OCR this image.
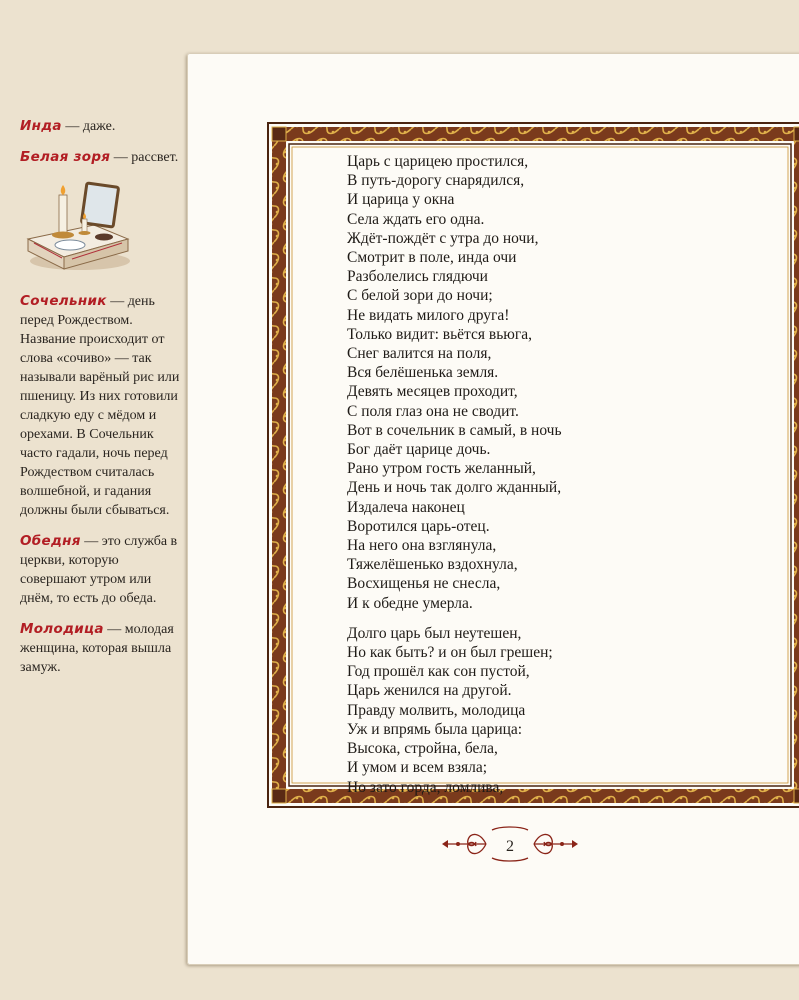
Инда — даже.
Белая зоря — рассвет.
Сочельник — день перед Рождеством. Название происходит от слова «сочиво» — так называли варёный рис или пшеницу. Из них готовили сладкую еду с мёдом и орехами. В Сочельник часто гадали, ночь перед Рождеством считалась волшебной, и гадания должны были сбываться.
Обедня — это служба в церкви, которую совершают утром или днём, то есть до обеда.
Молодица — молодая женщина, которая вышла замуж.
Царь с царицею простился,
В путь-дорогу снарядился,
И царица у окна
Села ждать его одна.
Ждёт-пождёт с утра до ночи,
Смотрит в поле, инда очи
Разболелись глядючи
С белой зори до ночи;
Не видать милого друга!
Только видит: вьётся вьюга,
Снег валится на поля,
Вся белёшенька земля.
Девять месяцев проходит,
С поля глаз она не сводит.
Вот в сочельник в самый, в ночь
Бог даёт царице дочь.
Рано утром гость желанный,
День и ночь так долго жданный,
Издалеча наконец
Воротился царь-отец.
На него она взглянула,
Тяжелёшенько вздохнула,
Восхищенья не снесла,
И к обедне умерла.
Долго царь был неутешен,
Но как быть? и он был грешен;
Год прошёл как сон пустой,
Царь женился на другой.
Правду молвить, молодица
Уж и впрямь была царица:
Высока, стройна, бела,
И умом и всем взяла;
Но зато горда, ломлива,
2
